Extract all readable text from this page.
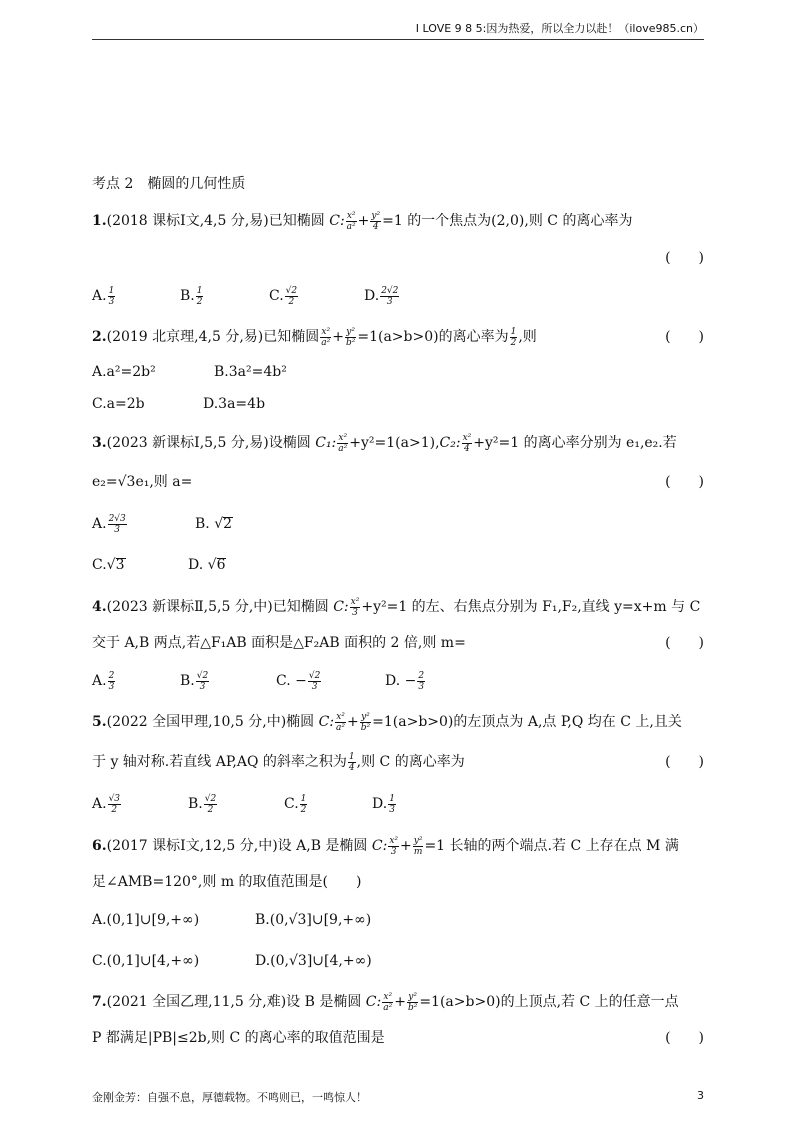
I LOVE 9 8 5:因为热爱，所以全力以赴！（ilove985.cn）
考点 2　椭圆的几何性质
1.(2018 课标Ⅰ文,4,5 分,易)已知椭圆 C: $\frac{\text{x²}}{\text{a²}} + \frac{\text{y²}}{4} =1$ 的一个焦点为(2,0),则 C 的离心率为
(　　)
A. $\frac{1}{3}$	B. $\frac{1}{2}$	C. $\frac{√2}{2}$	D. $\frac{2√2}{3}$
2.(2019 北京理,4,5 分,易)已知椭圆 $\frac{\text{x²}}{\text{a²}} + \frac{\text{y²}}{\text{b²}} =1(a>b>0)$的离心率为 $\frac{1}{2}$ ,则	(　　)
A.a²=2b²	B.3a²=4b²
C.a=2b	D.3a=4b
3.(2023 新课标Ⅰ,5,5 分,易)设椭圆 C₁: $\frac{\text{x²}}{\text{a²}} +y^2=1(a>1),C_2$: $\frac{\text{x²}}{4} +y^2=1$ 的离心率分别为 e₁,e₂.若
e₂=√3e₁,则 a=	(　　)
A. $\frac{2√3}{3}$	B. √2
C.√3	D. √6
4.(2023 新课标Ⅱ,5,5 分,中)已知椭圆 C: $\frac{\text{x²}}{3} +y^2=1$ 的左、右焦点分别为 F₁,F₂,直线 y=x+m 与 C
交于 A,B 两点,若△F₁AB 面积是△F₂AB 面积的 2 倍,则 m=	(　　)
A. $\frac{2}{3}$	B. $\frac{√2}{3}$	C. − $\frac{√2}{3}$	D. − $\frac{2}{3}$
5.(2022 全国甲理,10,5 分,中)椭圆 C: $\frac{\text{x²}}{\text{a²}} + \frac{\text{y²}}{\text{b²}} =1(a>b>0)$的左顶点为 A,点 P,Q 均在 C 上,且关
于 y 轴对称.若直线 AP,AQ 的斜率之积为 $\frac{1}{4}$ ,则 C 的离心率为	(　　)
A. $\frac{√3}{2}$	B. $\frac{√2}{2}$	C. $\frac{1}{2}$	D. $\frac{1}{3}$
6.(2017 课标Ⅰ文,12,5 分,中)设 A,B 是椭圆 C: $\frac{\text{x²}}{3} + \frac{\text{y²}}{m} =1$ 长轴的两个端点.若 C 上存在点 M 满
足∠AMB=120°,则 m 的取值范围是(　　)
A.(0,1]∪[9,+∞)	B.(0,√3]∪[9,+∞)
C.(0,1]∪[4,+∞)	D.(0,√3]∪[4,+∞)
7.(2021 全国乙理,11,5 分,难)设 B 是椭圆 C: $\frac{\text{x²}}{\text{a²}} + \frac{\text{y²}}{\text{b²}} =1(a>b>0)$的上顶点,若 C 上的任意一点
P 都满足|PB|≤2b,则 C 的离心率的取值范围是	(　　)
金刚金芳：自强不息，厚德载物。不鸣则已，一鸣惊人！	3
